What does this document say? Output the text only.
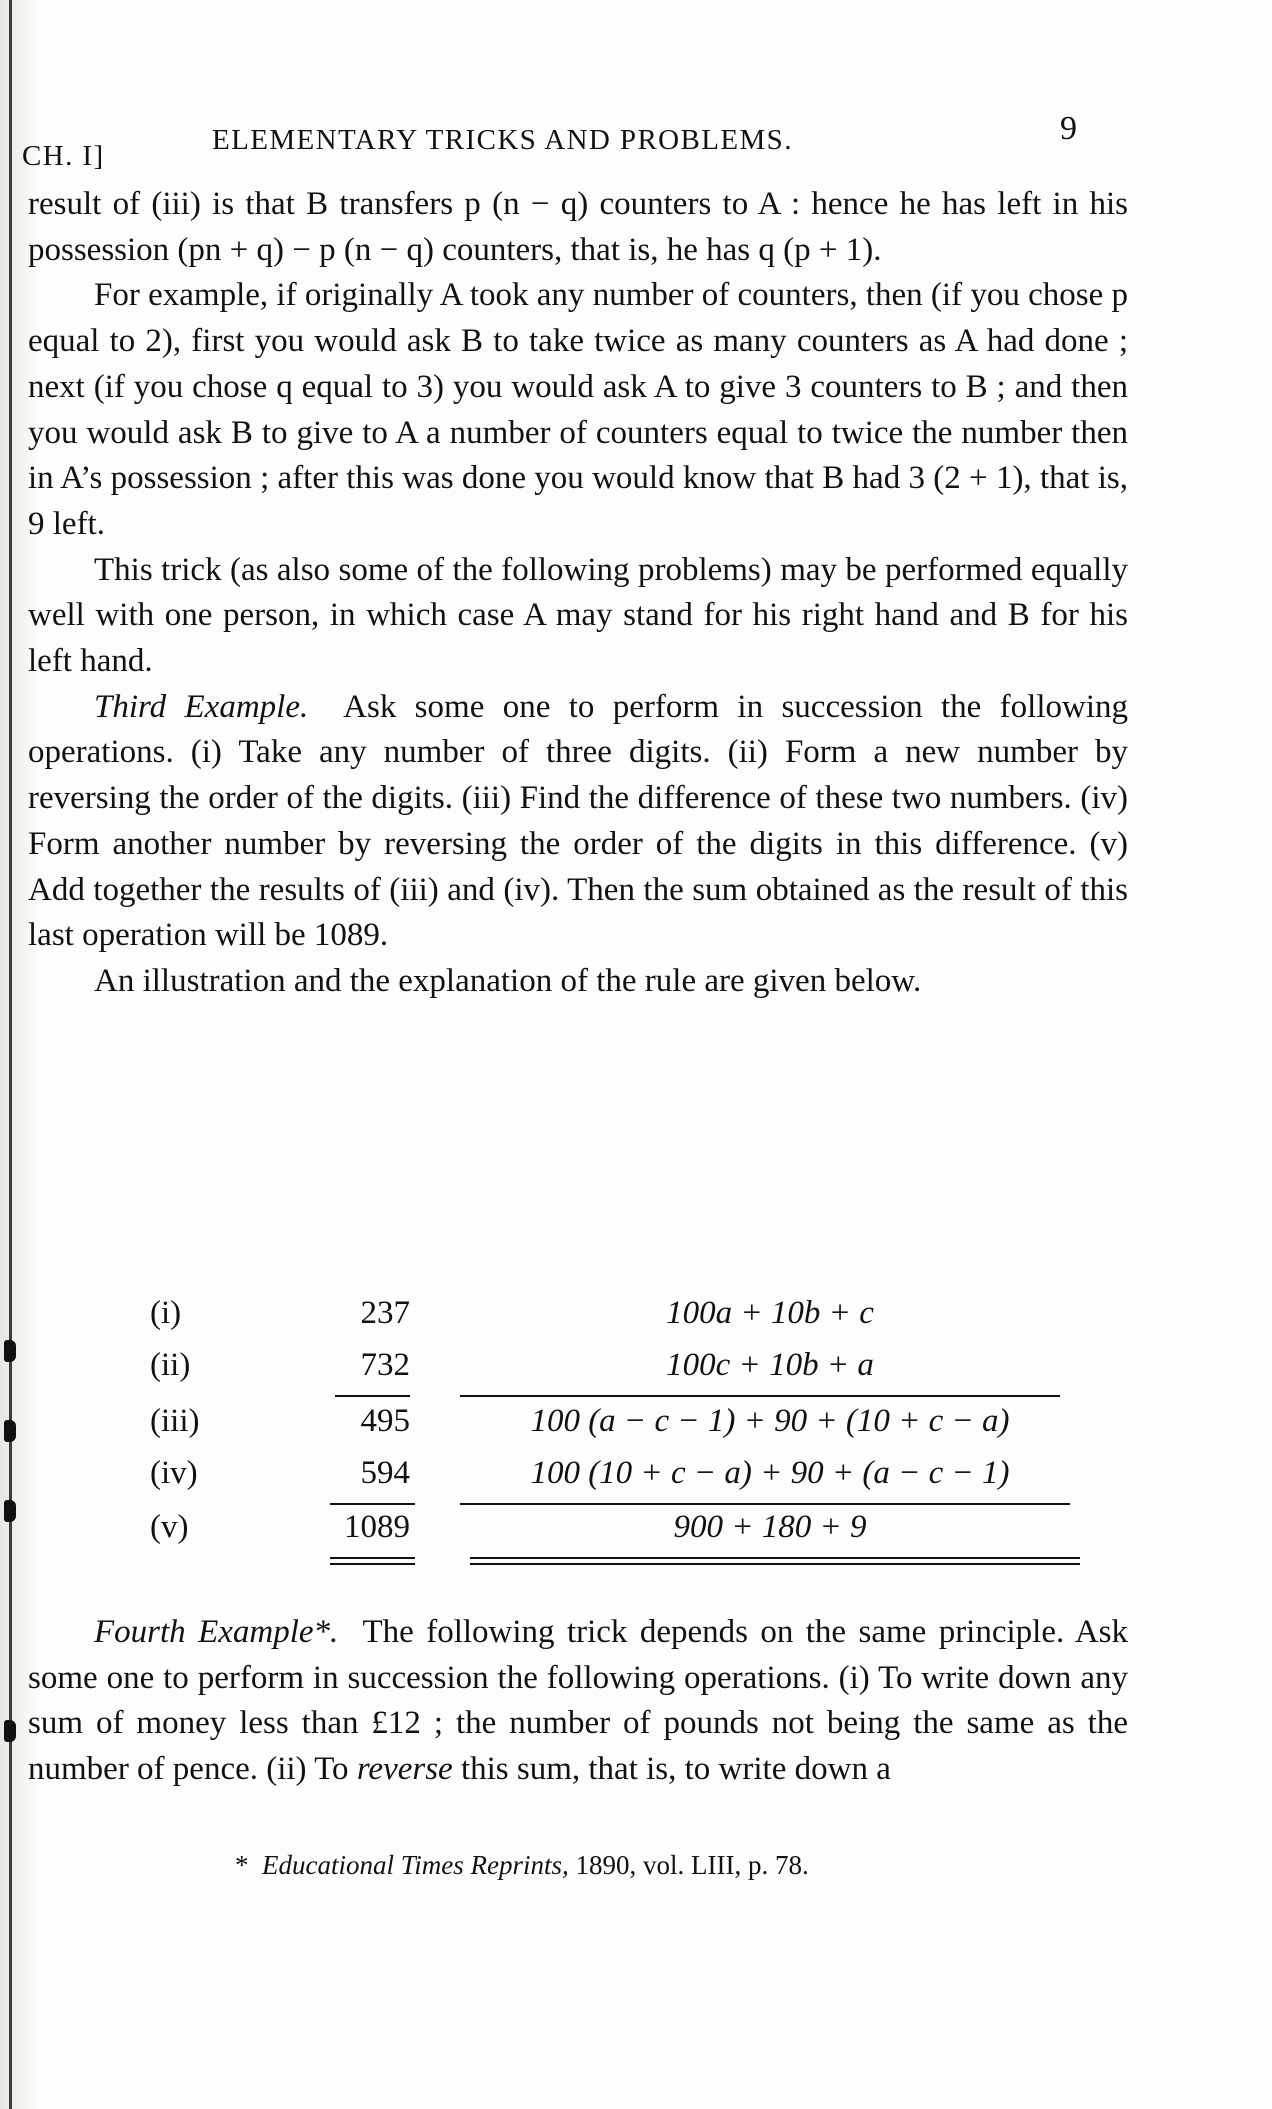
CH. I]	ELEMENTARY TRICKS AND PROBLEMS.	9

result of (iii) is that B transfers p (n − q) counters to A : hence he has left in his possession (pn + q) − p (n − q) counters, that is, he has q (p + 1).

For example, if originally A took any number of counters, then (if you chose p equal to 2), first you would ask B to take twice as many counters as A had done ; next (if you chose q equal to 3) you would ask A to give 3 counters to B ; and then you would ask B to give to A a number of counters equal to twice the number then in A’s possession ; after this was done you would know that B had 3 (2 + 1), that is, 9 left.

This trick (as also some of the following problems) may be performed equally well with one person, in which case A may stand for his right hand and B for his left hand.

Third Example. Ask some one to perform in succession the following operations. (i) Take any number of three digits. (ii) Form a new number by reversing the order of the digits. (iii) Find the difference of these two numbers. (iv) Form another number by reversing the order of the digits in this difference. (v) Add together the results of (iii) and (iv). Then the sum obtained as the result of this last operation will be 1089.

An illustration and the explanation of the rule are given below.

(i)	237	100a + 10b + c
(ii)	732	100c + 10b + a
(iii)	495	100 (a − c − 1) + 90 + (10 + c − a)
(iv)	594	100 (10 + c − a) + 90 + (a − c − 1)
(v)	1089	900 + 180 + 9

Fourth Example*. The following trick depends on the same principle. Ask some one to perform in succession the following operations. (i) To write down any sum of money less than £12 ; the number of pounds not being the same as the number of pence. (ii) To reverse this sum, that is, to write down a

* Educational Times Reprints, 1890, vol. LIII, p. 78.
